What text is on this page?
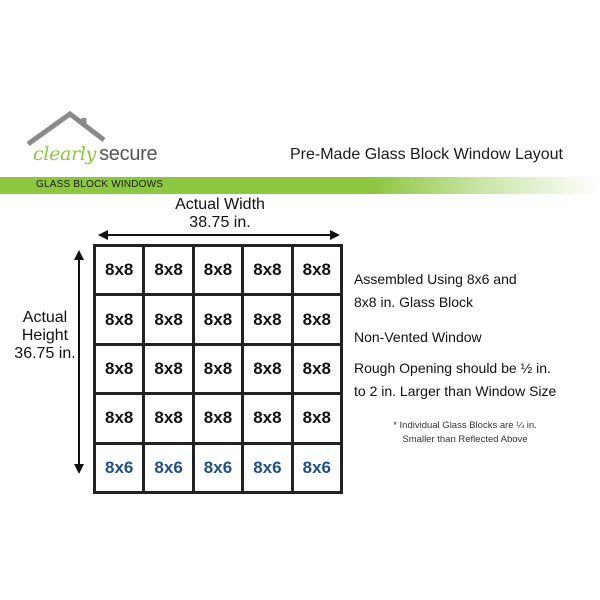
clearly secure	Pre-Made Glass Block Window Layout
GLASS BLOCK WINDOWS
Actual Width
38.75 in.
Actual
Height
36.75 in.
8x8	8x8	8x8	8x8	8x8
8x8	8x8	8x8	8x8	8x8
8x8	8x8	8x8	8x8	8x8
8x8	8x8	8x8	8x8	8x8
8x6	8x6	8x6	8x6	8x6
Assembled Using 8x6 and
8x8 in. Glass Block
Non-Vented Window
Rough Opening should be ½ in.
to 2 in. Larger than Window Size
* Individual Glass Blocks are ¼ in.
Smaller than Reflected Above
